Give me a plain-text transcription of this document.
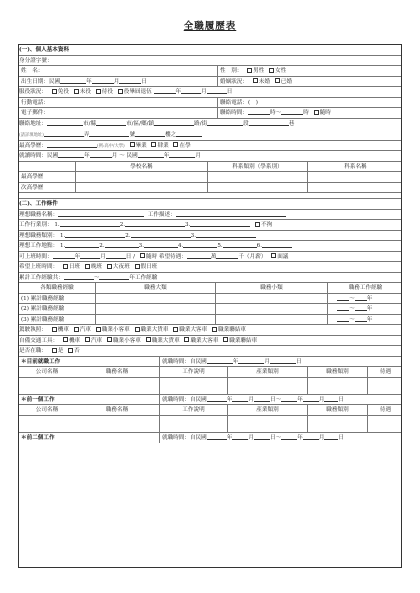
全職履歷表
(一)、個人基本資料
身分證字號：
姓　名：	性　別： 男性 女性
出生日期：民國	年	月	日	婚姻狀況： 未婚 已婚
服役狀況： 免役 未役 待役 役畢屆退伍	年	月	日
行動電話：	聯絡電話：(　)
電子郵件：	聯絡時間：	時～	時 隨時
聯絡地址：	市/縣	市/區/鄉/鎮	路/街	段	巷
(請詳填地址)	弄	號	樓之
最高學歷：	(例:高中/大學) 畢業 肄業 在學
就讀時間：民國	年	月 ～ 民國	年	月
學校名稱	科系類別（學系別）	科系名稱
最高學歷
次高學歷
(二)、工作條件
理想職務名稱：	工作描述：
工作行業別： 1.	2.	3.	不拘
理想職務類別： 1.	2.	3.
理想工作地點： 1.	2.	3.	4.	5.	6.
可上班時間：	年	月	日 / 隨時 希望待遇：	萬	千（月薪） 面議
希望上班時間： 日班 晚班 大夜班 假日班
累計工作經驗共：	～	年工作經驗
各類職務經驗	職務大類	職務小類	職務工作經驗
(1) 累計職務經驗	～ 年
(2) 累計職務經驗	～ 年
(3) 累計職務經驗	～ 年
駕駛執照： 機車 汽車 職業小客車 職業大貨車 職業大客車 職業聯結車
自備交通工具： 機車 汽車 職業小客車 職業大貨車 職業大客車 職業聯結車
是否在職： 是 否
＊目前就職工作	就職時間：自民國	年	月	日
公司名稱	職務名稱	工作說明	產業類別	職務類別	待遇
＊前一個工作	就職時間：自民國	年	月	日～	年	月	日
公司名稱	職務名稱	工作說明	產業類別	職務類別	待遇
＊前二個工作	就職時間：自民國	年	月	日～	年	月	日
